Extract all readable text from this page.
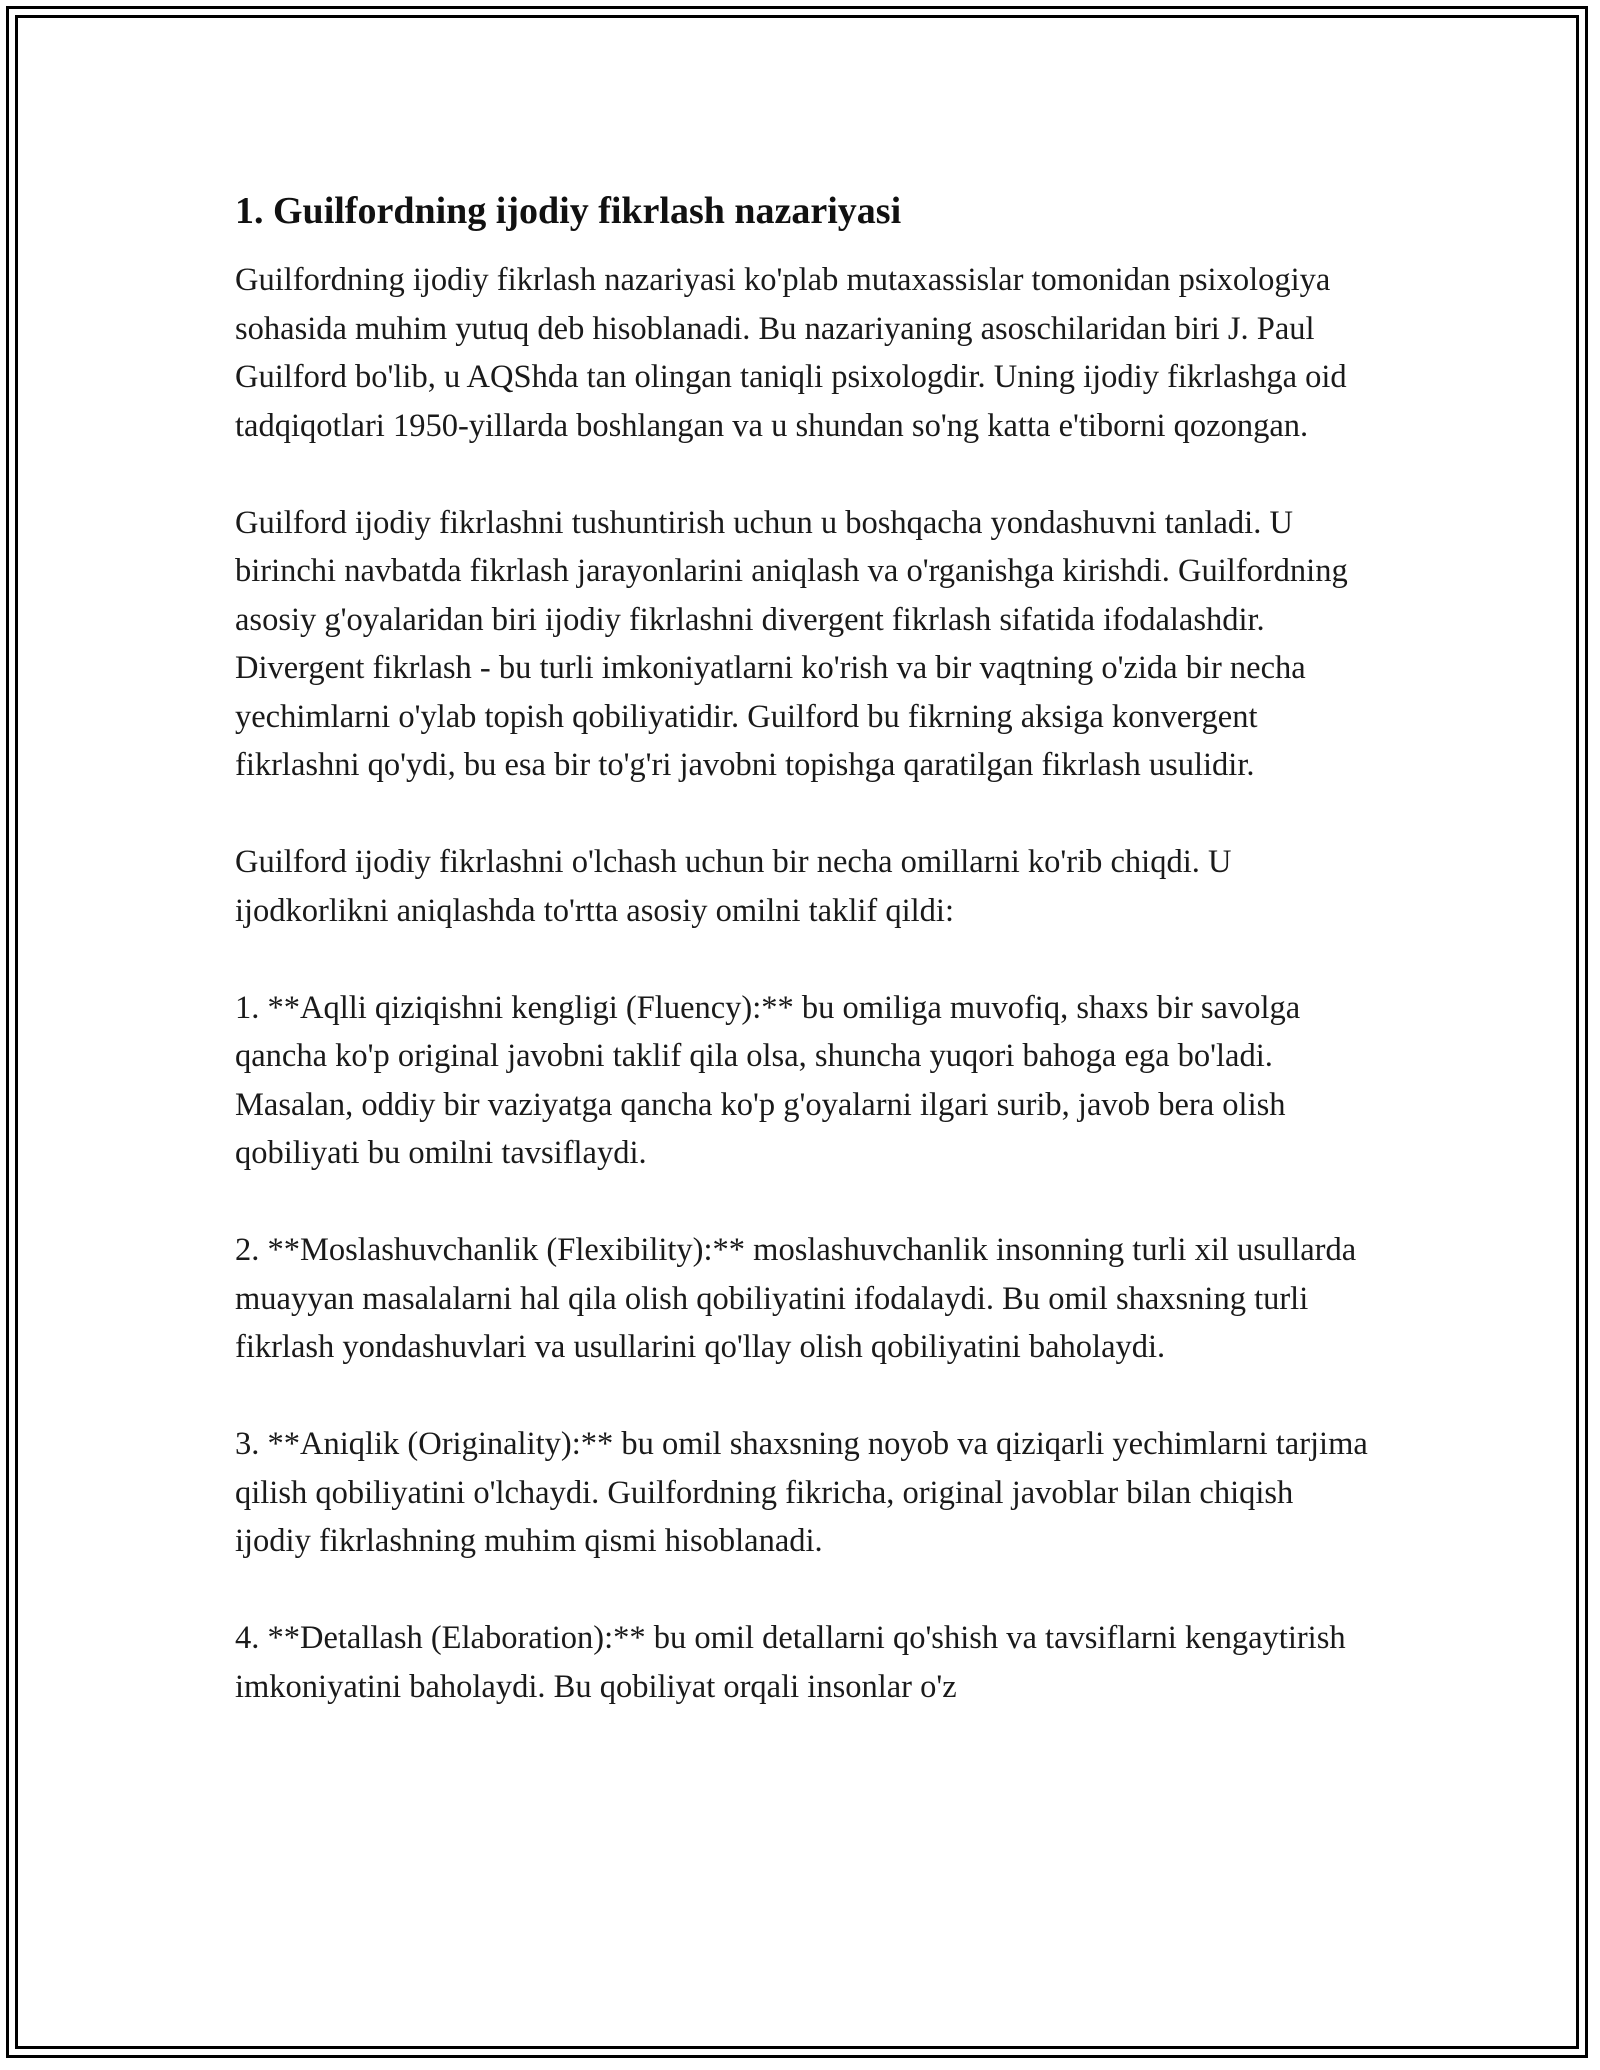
1. Guilfordning ijodiy fikrlash nazariyasi

Guilfordning ijodiy fikrlash nazariyasi ko'plab mutaxassislar tomonidan psixologiya sohasida muhim yutuq deb hisoblanadi. Bu nazariyaning asoschilaridan biri J. Paul Guilford bo'lib, u AQShda tan olingan taniqli psixologdir. Uning ijodiy fikrlashga oid tadqiqotlari 1950-yillarda boshlangan va u shundan so'ng katta e'tiborni qozongan.

Guilford ijodiy fikrlashni tushuntirish uchun u boshqacha yondashuvni tanladi. U birinchi navbatda fikrlash jarayonlarini aniqlash va o'rganishga kirishdi. Guilfordning asosiy g'oyalaridan biri ijodiy fikrlashni divergent fikrlash sifatida ifodalashdir. Divergent fikrlash - bu turli imkoniyatlarni ko'rish va bir vaqtning o'zida bir necha yechimlarni o'ylab topish qobiliyatidir. Guilford bu fikrning aksiga konvergent fikrlashni qo'ydi, bu esa bir to'g'ri javobni topishga qaratilgan fikrlash usulidir.

Guilford ijodiy fikrlashni o'lchash uchun bir necha omillarni ko'rib chiqdi. U ijodkorlikni aniqlashda to'rtta asosiy omilni taklif qildi:

1. **Aqlli qiziqishni kengligi (Fluency):** bu omiliga muvofiq, shaxs bir savolga qancha ko'p original javobni taklif qila olsa, shuncha yuqori bahoga ega bo'ladi. Masalan, oddiy bir vaziyatga qancha ko'p g'oyalarni ilgari surib, javob bera olish qobiliyati bu omilni tavsiflaydi.

2. **Moslashuvchanlik (Flexibility):** moslashuvchanlik insonning turli xil usullarda muayyan masalalarni hal qila olish qobiliyatini ifodalaydi. Bu omil shaxsning turli fikrlash yondashuvlari va usullarini qo'llay olish qobiliyatini baholaydi.

3. **Aniqlik (Originality):** bu omil shaxsning noyob va qiziqarli yechimlarni tarjima qilish qobiliyatini o'lchaydi. Guilfordning fikricha, original javoblar bilan chiqish ijodiy fikrlashning muhim qismi hisoblanadi.

4. **Detallash (Elaboration):** bu omil detallarni qo'shish va tavsiflarni kengaytirish imkoniyatini baholaydi. Bu qobiliyat orqali insonlar o'z
